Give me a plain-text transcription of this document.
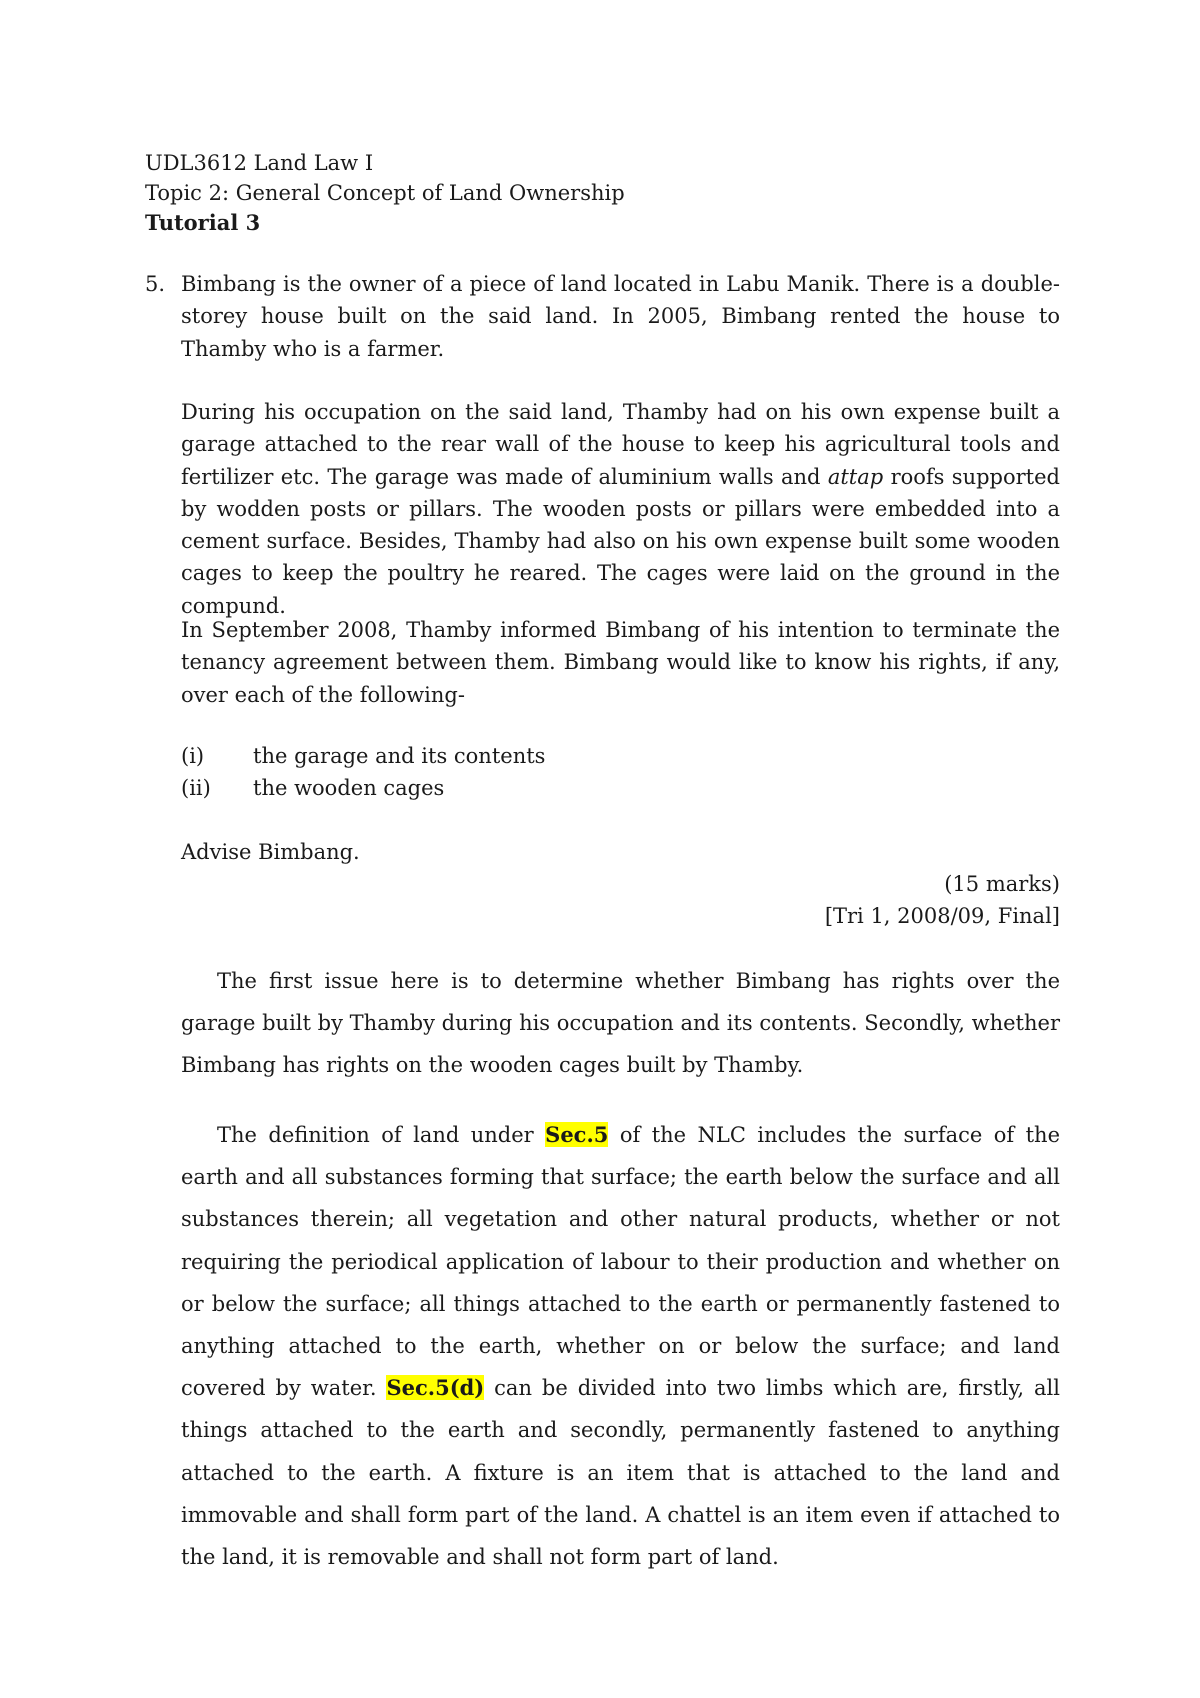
UDL3612 Land Law I
Topic 2: General Concept of Land Ownership
Tutorial 3
5. Bimbang is the owner of a piece of land located in Labu Manik. There is a double-storey house built on the said land. In 2005, Bimbang rented the house to Thamby who is a farmer.

During his occupation on the said land, Thamby had on his own expense built a garage attached to the rear wall of the house to keep his agricultural tools and fertilizer etc. The garage was made of aluminium walls and attap roofs supported by wodden posts or pillars. The wooden posts or pillars were embedded into a cement surface. Besides, Thamby had also on his own expense built some wooden cages to keep the poultry he reared. The cages were laid on the ground in the compund.

In September 2008, Thamby informed Bimbang of his intention to terminate the tenancy agreement between them. Bimbang would like to know his rights, if any, over each of the following-

(i) the garage and its contents
(ii) the wooden cages
Advise Bimbang.
(15 marks)
[Tri 1, 2008/09, Final]

The first issue here is to determine whether Bimbang has rights over the garage built by Thamby during his occupation and its contents. Secondly, whether Bimbang has rights on the wooden cages built by Thamby.

The definition of land under Sec.5 of the NLC includes the surface of the earth and all substances forming that surface; the earth below the surface and all substances therein; all vegetation and other natural products, whether or not requiring the periodical application of labour to their production and whether on or below the surface; all things attached to the earth or permanently fastened to anything attached to the earth, whether on or below the surface; and land covered by water. Sec.5(d) can be divided into two limbs which are, firstly, all things attached to the earth and secondly, permanently fastened to anything attached to the earth. A fixture is an item that is attached to the land and immovable and shall form part of the land. A chattel is an item even if attached to the land, it is removable and shall not form part of land.
